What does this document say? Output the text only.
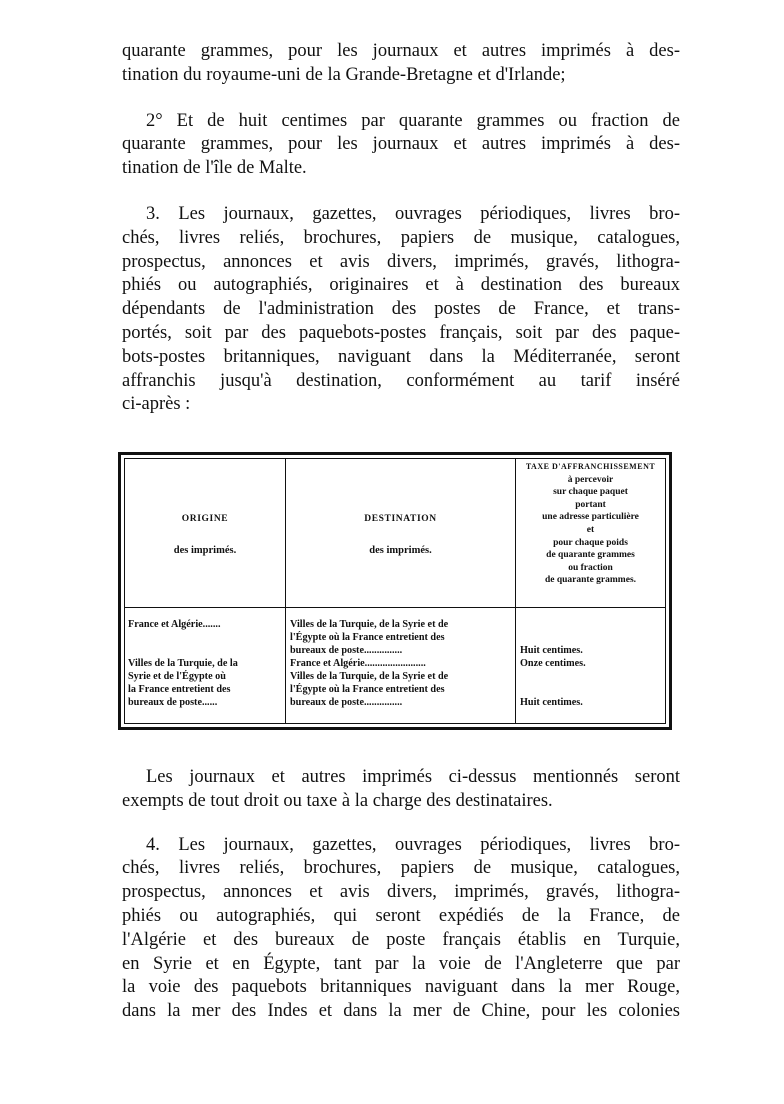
quarante grammes, pour les journaux et autres imprimés à des-
tination du royaume-uni de la Grande-Bretagne et d'Irlande;

2° Et de huit centimes par quarante grammes ou fraction de
quarante grammes, pour les journaux et autres imprimés à des-
tination de l'île de Malte.

3. Les journaux, gazettes, ouvrages périodiques, livres bro-
chés, livres reliés, brochures, papiers de musique, catalogues,
prospectus, annonces et avis divers, imprimés, gravés, lithogra-
phiés ou autographiés, originaires et à destination des bureaux
dépendants de l'administration des postes de France, et trans-
portés, soit par des paquebots-postes français, soit par des paque-
bots-postes britanniques, naviguant dans la Méditerranée, seront
affranchis jusqu'à destination, conformément au tarif inséré
ci-après :

ORIGINE
des imprimés.
France et Algérie.......
Villes de la Turquie, de la
Syrie et de l'Égypte où
la France entretient des
bureaux de poste......
DESTINATION
des imprimés.
Villes de la Turquie, de la Syrie et de
l'Égypte où la France entretient des
bureaux de poste...............
France et Algérie........................
Villes de la Turquie, de la Syrie et de
l'Égypte où la France entretient des
bureaux de poste...............
TAXE D'AFFRANCHISSEMENT
à percevoir
sur chaque paquet
portant
une adresse particulière
et
pour chaque poids
de quarante grammes
ou fraction
de quarante grammes.
Huit centimes.
Onze centimes.
Huit centimes.

Les journaux et autres imprimés ci-dessus mentionnés seront
exempts de tout droit ou taxe à la charge des destinataires.

4. Les journaux, gazettes, ouvrages périodiques, livres bro-
chés, livres reliés, brochures, papiers de musique, catalogues,
prospectus, annonces et avis divers, imprimés, gravés, lithogra-
phiés ou autographiés, qui seront expédiés de la France, de
l'Algérie et des bureaux de poste français établis en Turquie,
en Syrie et en Égypte, tant par la voie de l'Angleterre que par
la voie des paquebots britanniques naviguant dans la mer Rouge,
dans la mer des Indes et dans la mer de Chine, pour les colonies
